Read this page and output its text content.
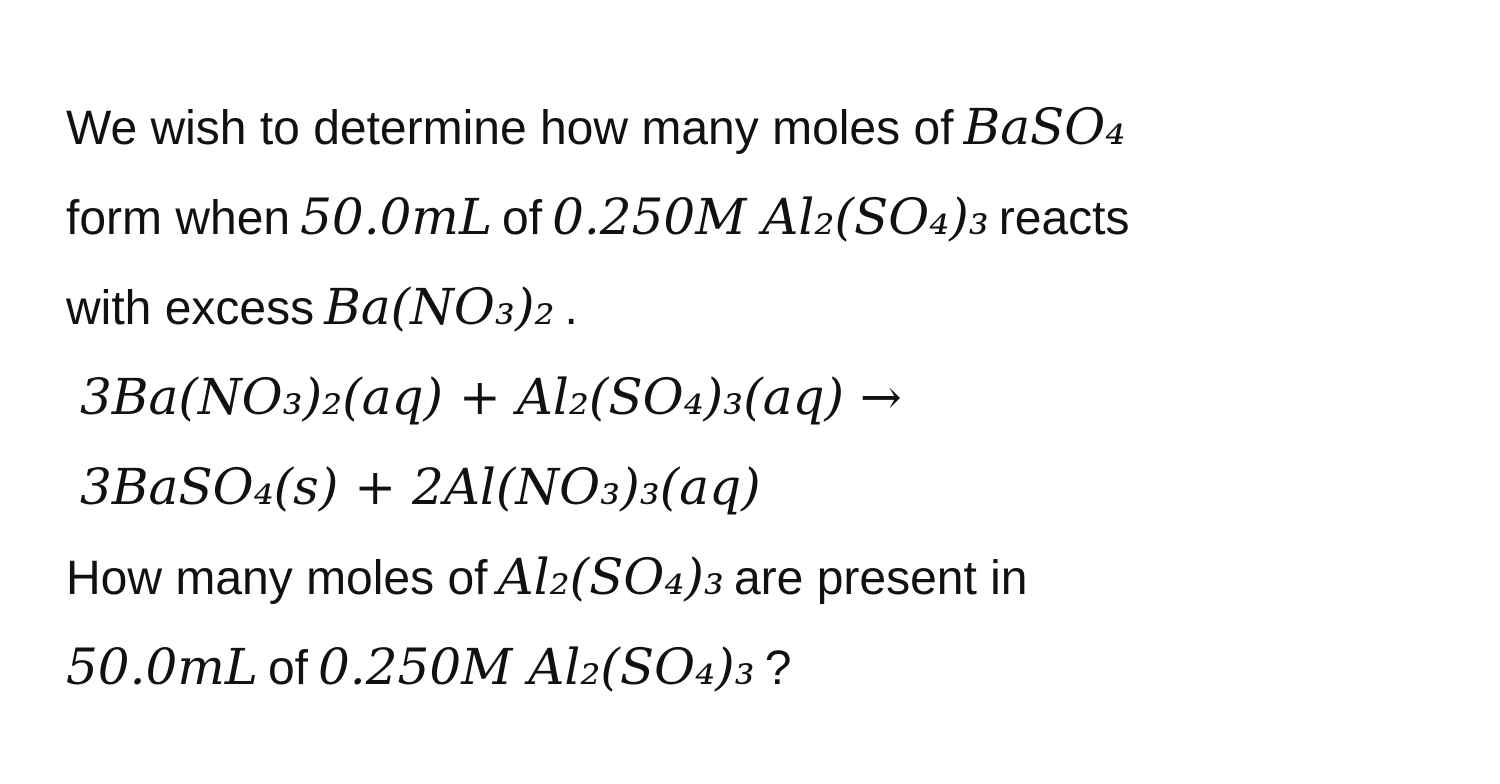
We wish to determine how many moles of BaSO₄
form when 50.0mL of 0.250M Al₂(SO₄)₃ reacts
with excess Ba(NO₃)₂ .
3Ba(NO₃)₂(aq) + Al₂(SO₄)₃(aq) →
3BaSO₄(s) + 2Al(NO₃)₃(aq)
How many moles of Al₂(SO₄)₃ are present in
50.0mL of 0.250M Al₂(SO₄)₃ ?
